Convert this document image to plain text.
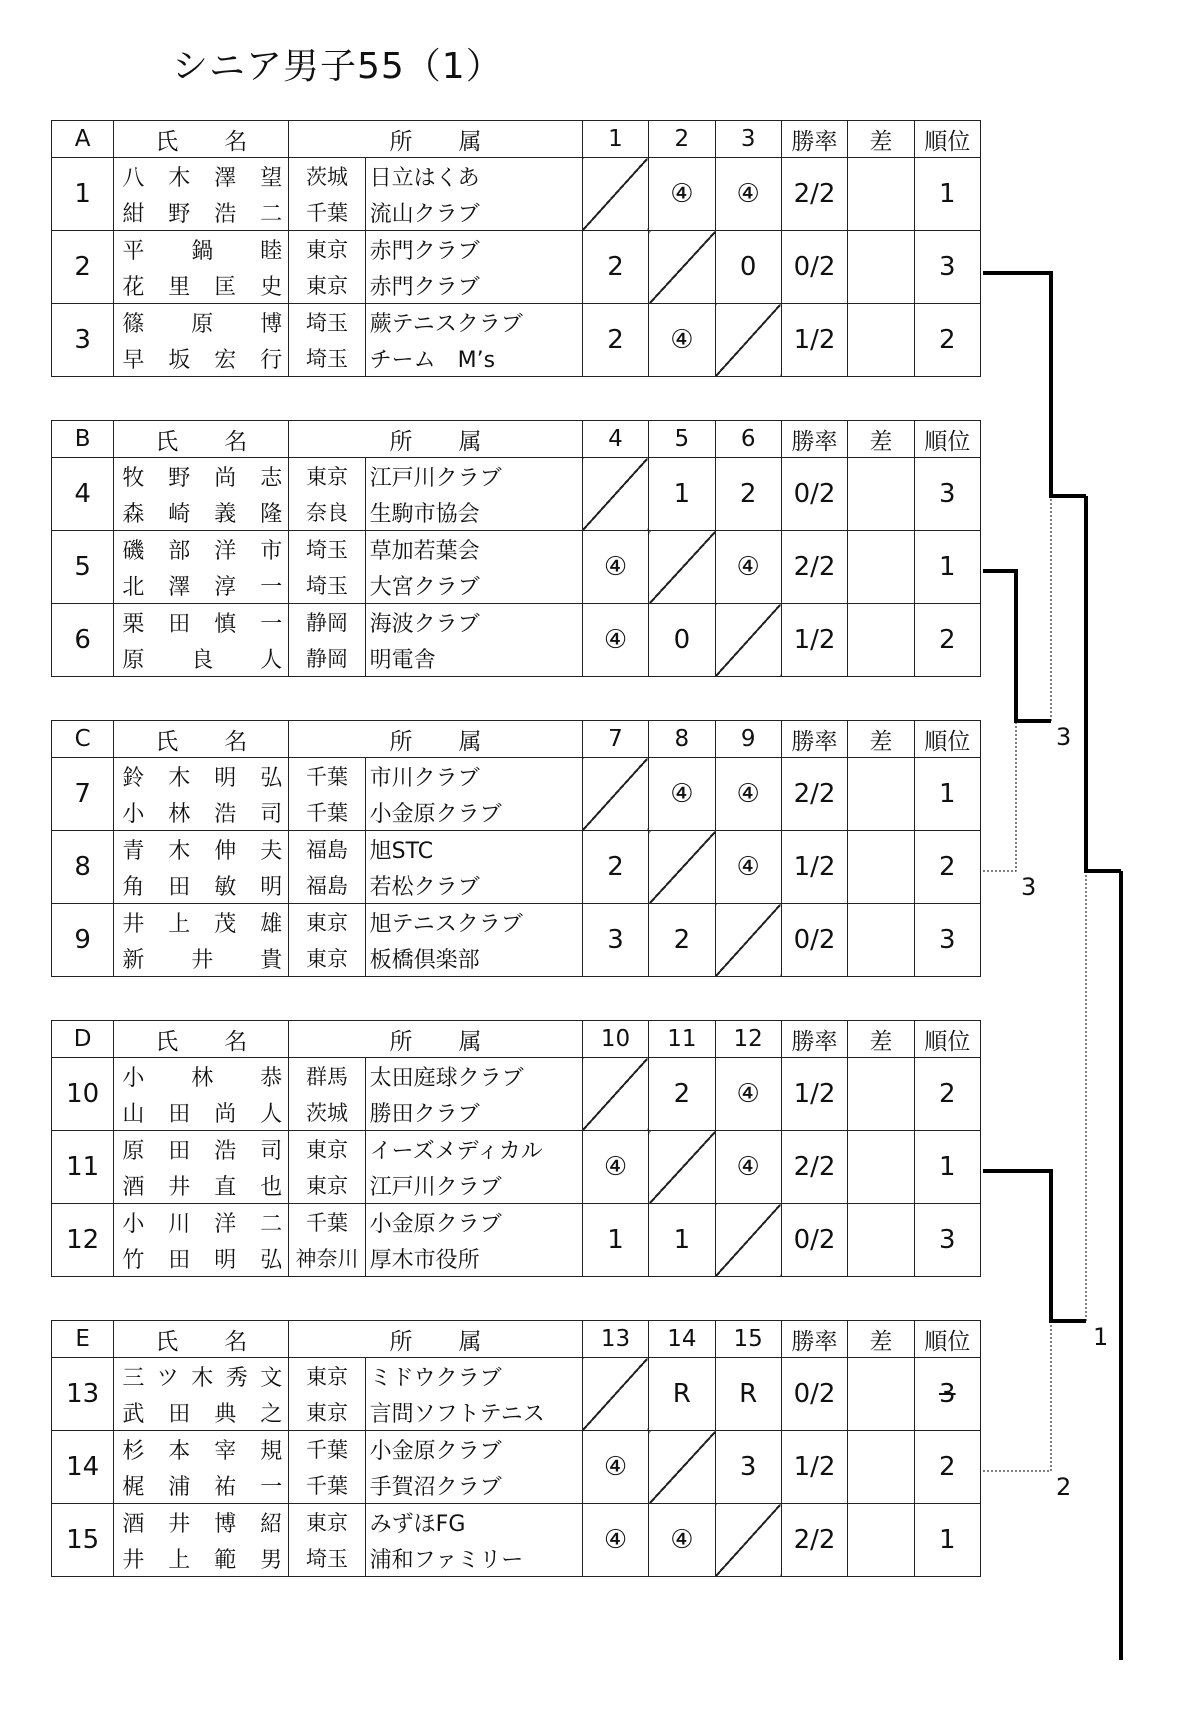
シニア男子55（1）
A	氏　　名	所　　属		1	2	3	勝率	差	順位
1	八木澤望	茨城	日立はくあ		④	④	2/2		1
	紺野浩二	千葉	流山クラブ						
2	平鍋睦	東京	赤門クラブ	2		0	0/2		3
	花里匡史	東京	赤門クラブ						
3	篠原博	埼玉	蕨テニスクラブ	2	④		1/2		2
	早坂宏行	埼玉	チーム　M’s						
B	氏　　名	所　　属		4	5	6	勝率	差	順位
4	牧野尚志	東京	江戸川クラブ		1	2	0/2		3
	森崎義隆	奈良	生駒市協会						
5	磯部洋市	埼玉	草加若葉会	④		④	2/2		1
	北澤淳一	埼玉	大宮クラブ						
6	栗田慎一	静岡	海波クラブ	④	0		1/2		2
	原良人	静岡	明電舎						
C	氏　　名	所　　属		7	8	9	勝率	差	順位
7	鈴木明弘	千葉	市川クラブ		④	④	2/2		1
	小林浩司	千葉	小金原クラブ						
8	青木伸夫	福島	旭STC	2		④	1/2		2
	角田敏明	福島	若松クラブ						
9	井上茂雄	東京	旭テニスクラブ	3	2		0/2		3
	新井貴	東京	板橋倶楽部						
D	氏　　名	所　　属		10	11	12	勝率	差	順位
10	小林恭	群馬	太田庭球クラブ		2	④	1/2		2
	山田尚人	茨城	勝田クラブ						
11	原田浩司	東京	イーズメディカル	④		④	2/2		1
	酒井直也	東京	江戸川クラブ						
12	小川洋二	千葉	小金原クラブ	1	1		0/2		3
	竹田明弘	神奈川	厚木市役所						
E	氏　　名	所　　属		13	14	15	勝率	差	順位
13	三ツ木秀文	東京	ミドウクラブ		R	R	0/2		3
	武田典之	東京	言問ソフトテニス						
14	杉本宰規	千葉	小金原クラブ	④		3	1/2		2
	梶浦祐一	千葉	手賀沼クラブ						
15	酒井博紹	東京	みずほFG	④	④		2/2		1
	井上範男	埼玉	浦和ファミリー						
3
3
1
2
